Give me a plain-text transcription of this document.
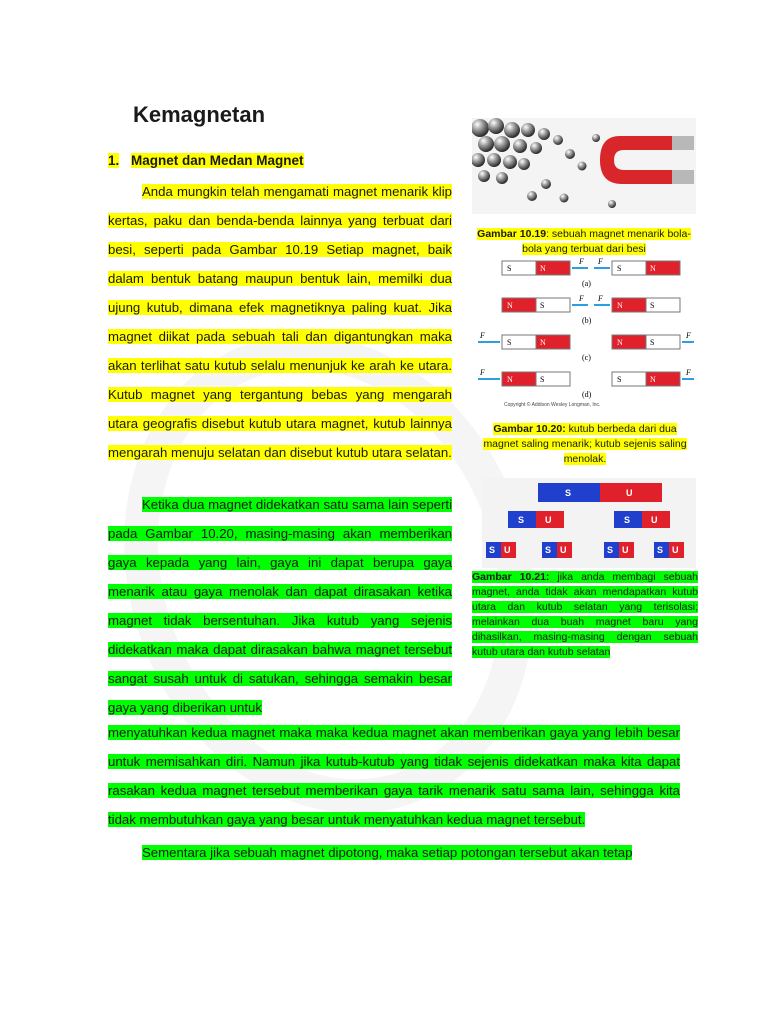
Kemagnetan
1. Magnet dan Medan Magnet

Anda mungkin telah mengamati magnet menarik klip kertas, paku dan benda-benda lainnya yang terbuat dari besi, seperti pada Gambar 10.19 Setiap magnet, baik dalam bentuk batang maupun bentuk lain, memilki dua ujung kutub, dimana efek magnetiknya paling kuat. Jika magnet diikat pada sebuah tali dan digantungkan maka akan terlihat satu kutub selalu menunjuk ke arah ke utara. Kutub magnet yang tergantung bebas yang mengarah utara geografis disebut kutub utara magnet, kutub lainnya mengarah menuju selatan dan disebut kutub utara selatan.

Ketika dua magnet didekatkan satu sama lain seperti pada Gambar 10.20, masing-masing akan memberikan gaya kepada yang lain, gaya ini dapat berupa gaya menarik atau gaya menolak dan dapat dirasakan ketika magnet tidak bersentuhan. Jika kutub yang sejenis didekatkan maka dapat dirasakan bahwa magnet tersebut sangat susah untuk di satukan, sehingga semakin besar gaya yang diberikan untuk

menyatuhkan kedua magnet maka maka kedua magnet akan memberikan gaya yang lebih besar untuk memisahkan diri. Namun jika kutub-kutub yang tidak sejenis didekatkan maka kita dapat rasakan kedua magnet tersebut memberikan gaya tarik menarik satu sama lain, sehingga kita tidak membutuhkan gaya yang besar untuk menyatuhkan kedua magnet tersebut.

Sementara jika sebuah magnet dipotong, maka setiap potongan tersebut akan tetap

Gambar 10.19: sebuah magnet menarik bola-bola yang terbuat dari besi
S	N	S	N
F F
(a)
N	S	N	S
F F
(b)
S	N	N	S
F	F
(c)
N	S	S	N
F	F
(d)
Copyright © Addison Wesley Longman, Inc.
Gambar 10.20: kutub berbeda dari dua magnet saling menarik; kutub sejenis saling menolak.
S	U
S U	S U
S U	S U	S U	S U
Gambar 10.21: jika anda membagi sebuah magnet, anda tidak akan mendapatkan kutub utara dan kutub selatan yang terisolasi; melainkan dua buah magnet baru yang dihasilkan, masing-masing dengan sebuah kutub utara dan kutub selatan
